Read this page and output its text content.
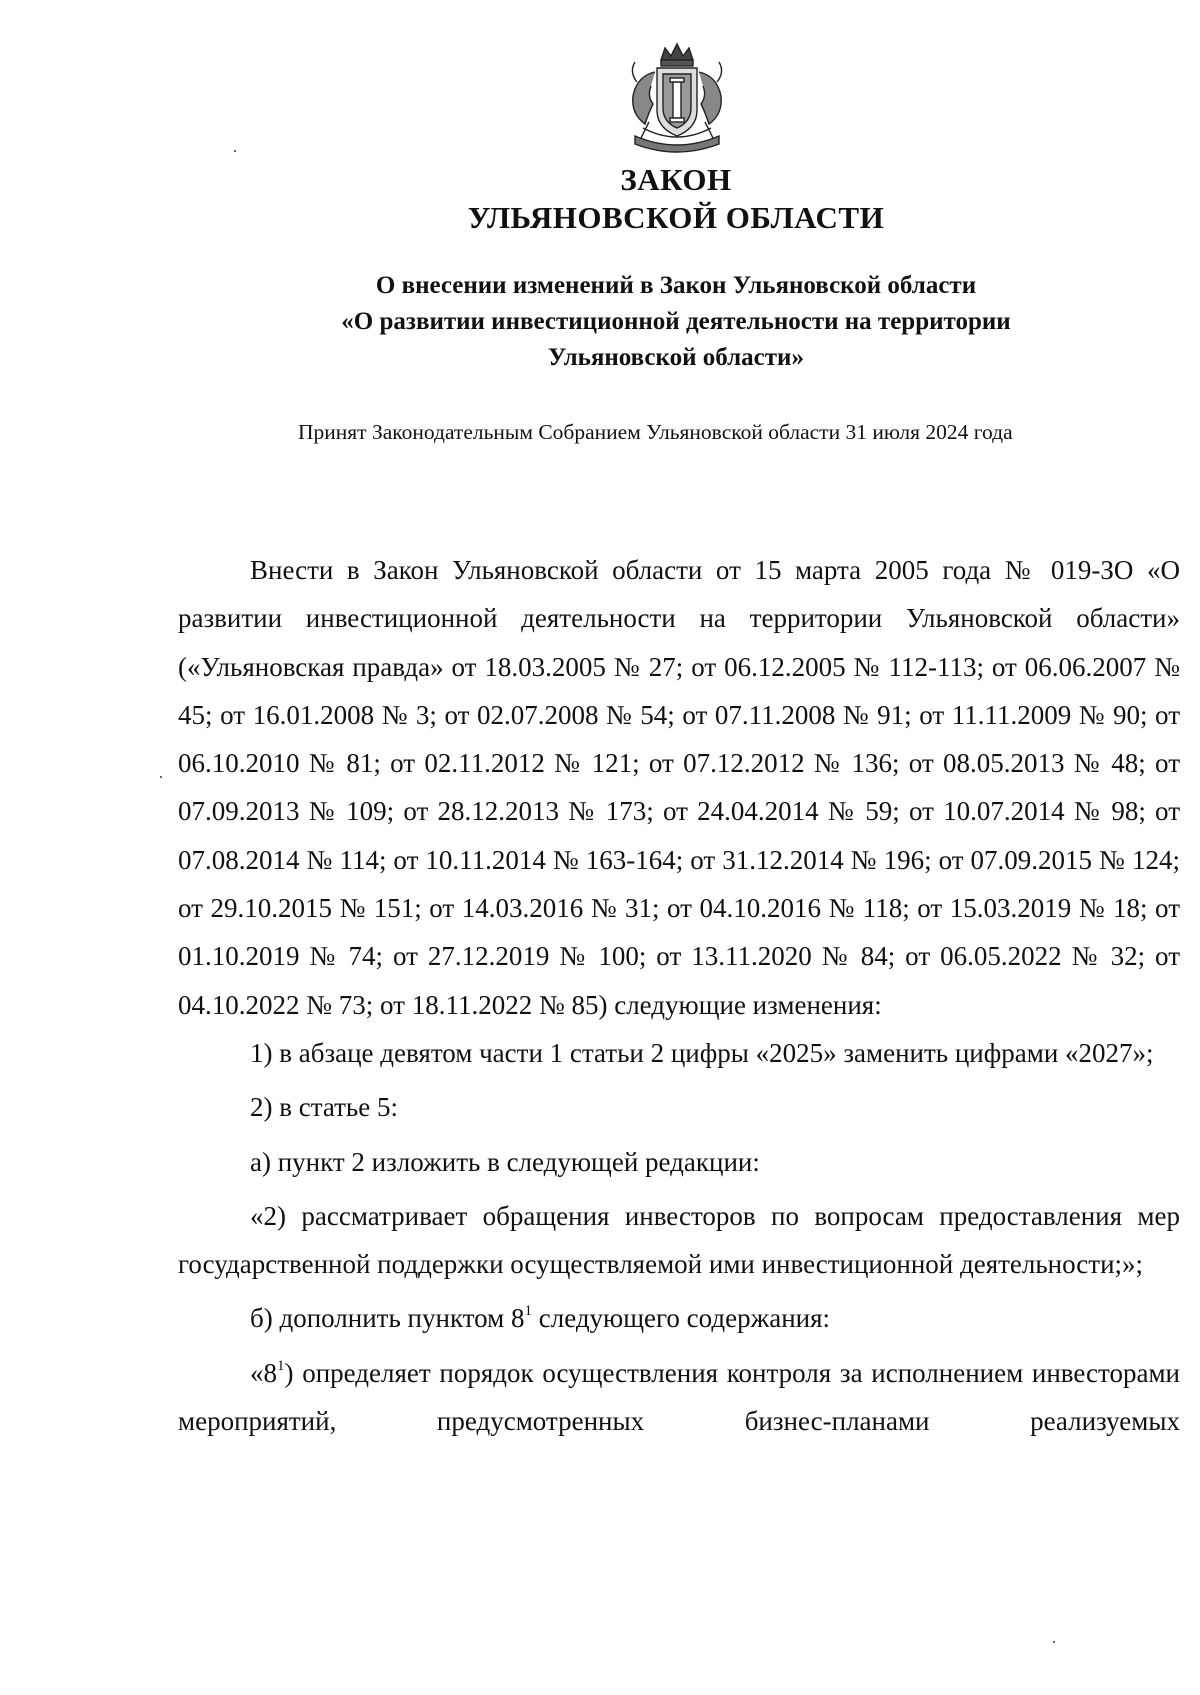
ЗАКОН
УЛЬЯНОВСКОЙ ОБЛАСТИ
О внесении изменений в Закон Ульяновской области
«О развитии инвестиционной деятельности на территории
Ульяновской области»

Принят Законодательным Собранием Ульяновской области 31 июля 2024 года

Внести в Закон Ульяновской области от 15 марта 2005 года № 019-ЗО «О развитии инвестиционной деятельности на территории Ульяновской области» («Ульяновская правда» от 18.03.2005 № 27; от 06.12.2005 № 112-113; от 06.06.2007 № 45; от 16.01.2008 № 3; от 02.07.2008 № 54; от 07.11.2008 № 91; от 11.11.2009 № 90; от 06.10.2010 № 81; от 02.11.2012 № 121; от 07.12.2012 № 136; от 08.05.2013 № 48; от 07.09.2013 № 109; от 28.12.2013 № 173; от 24.04.2014 № 59; от 10.07.2014 № 98; от 07.08.2014 № 114; от 10.11.2014 № 163-164; от 31.12.2014 № 196; от 07.09.2015 № 124; от 29.10.2015 № 151; от 14.03.2016 № 31; от 04.10.2016 № 118; от 15.03.2019 № 18; от 01.10.2019 № 74; от 27.12.2019 № 100; от 13.11.2020 № 84; от 06.05.2022 № 32; от 04.10.2022 № 73; от 18.11.2022 № 85) следующие изменения:

1) в абзаце девятом части 1 статьи 2 цифры «2025» заменить цифрами «2027»;

2) в статье 5:

а) пункт 2 изложить в следующей редакции:

«2) рассматривает обращения инвесторов по вопросам предоставления мер государственной поддержки осуществляемой ими инвестиционной деятельности;»;

б) дополнить пунктом $8^1$ следующего содержания:

«$8^1$) определяет порядок осуществления контроля за исполнением инвесторами мероприятий, предусмотренных бизнес-планами реализуемых
